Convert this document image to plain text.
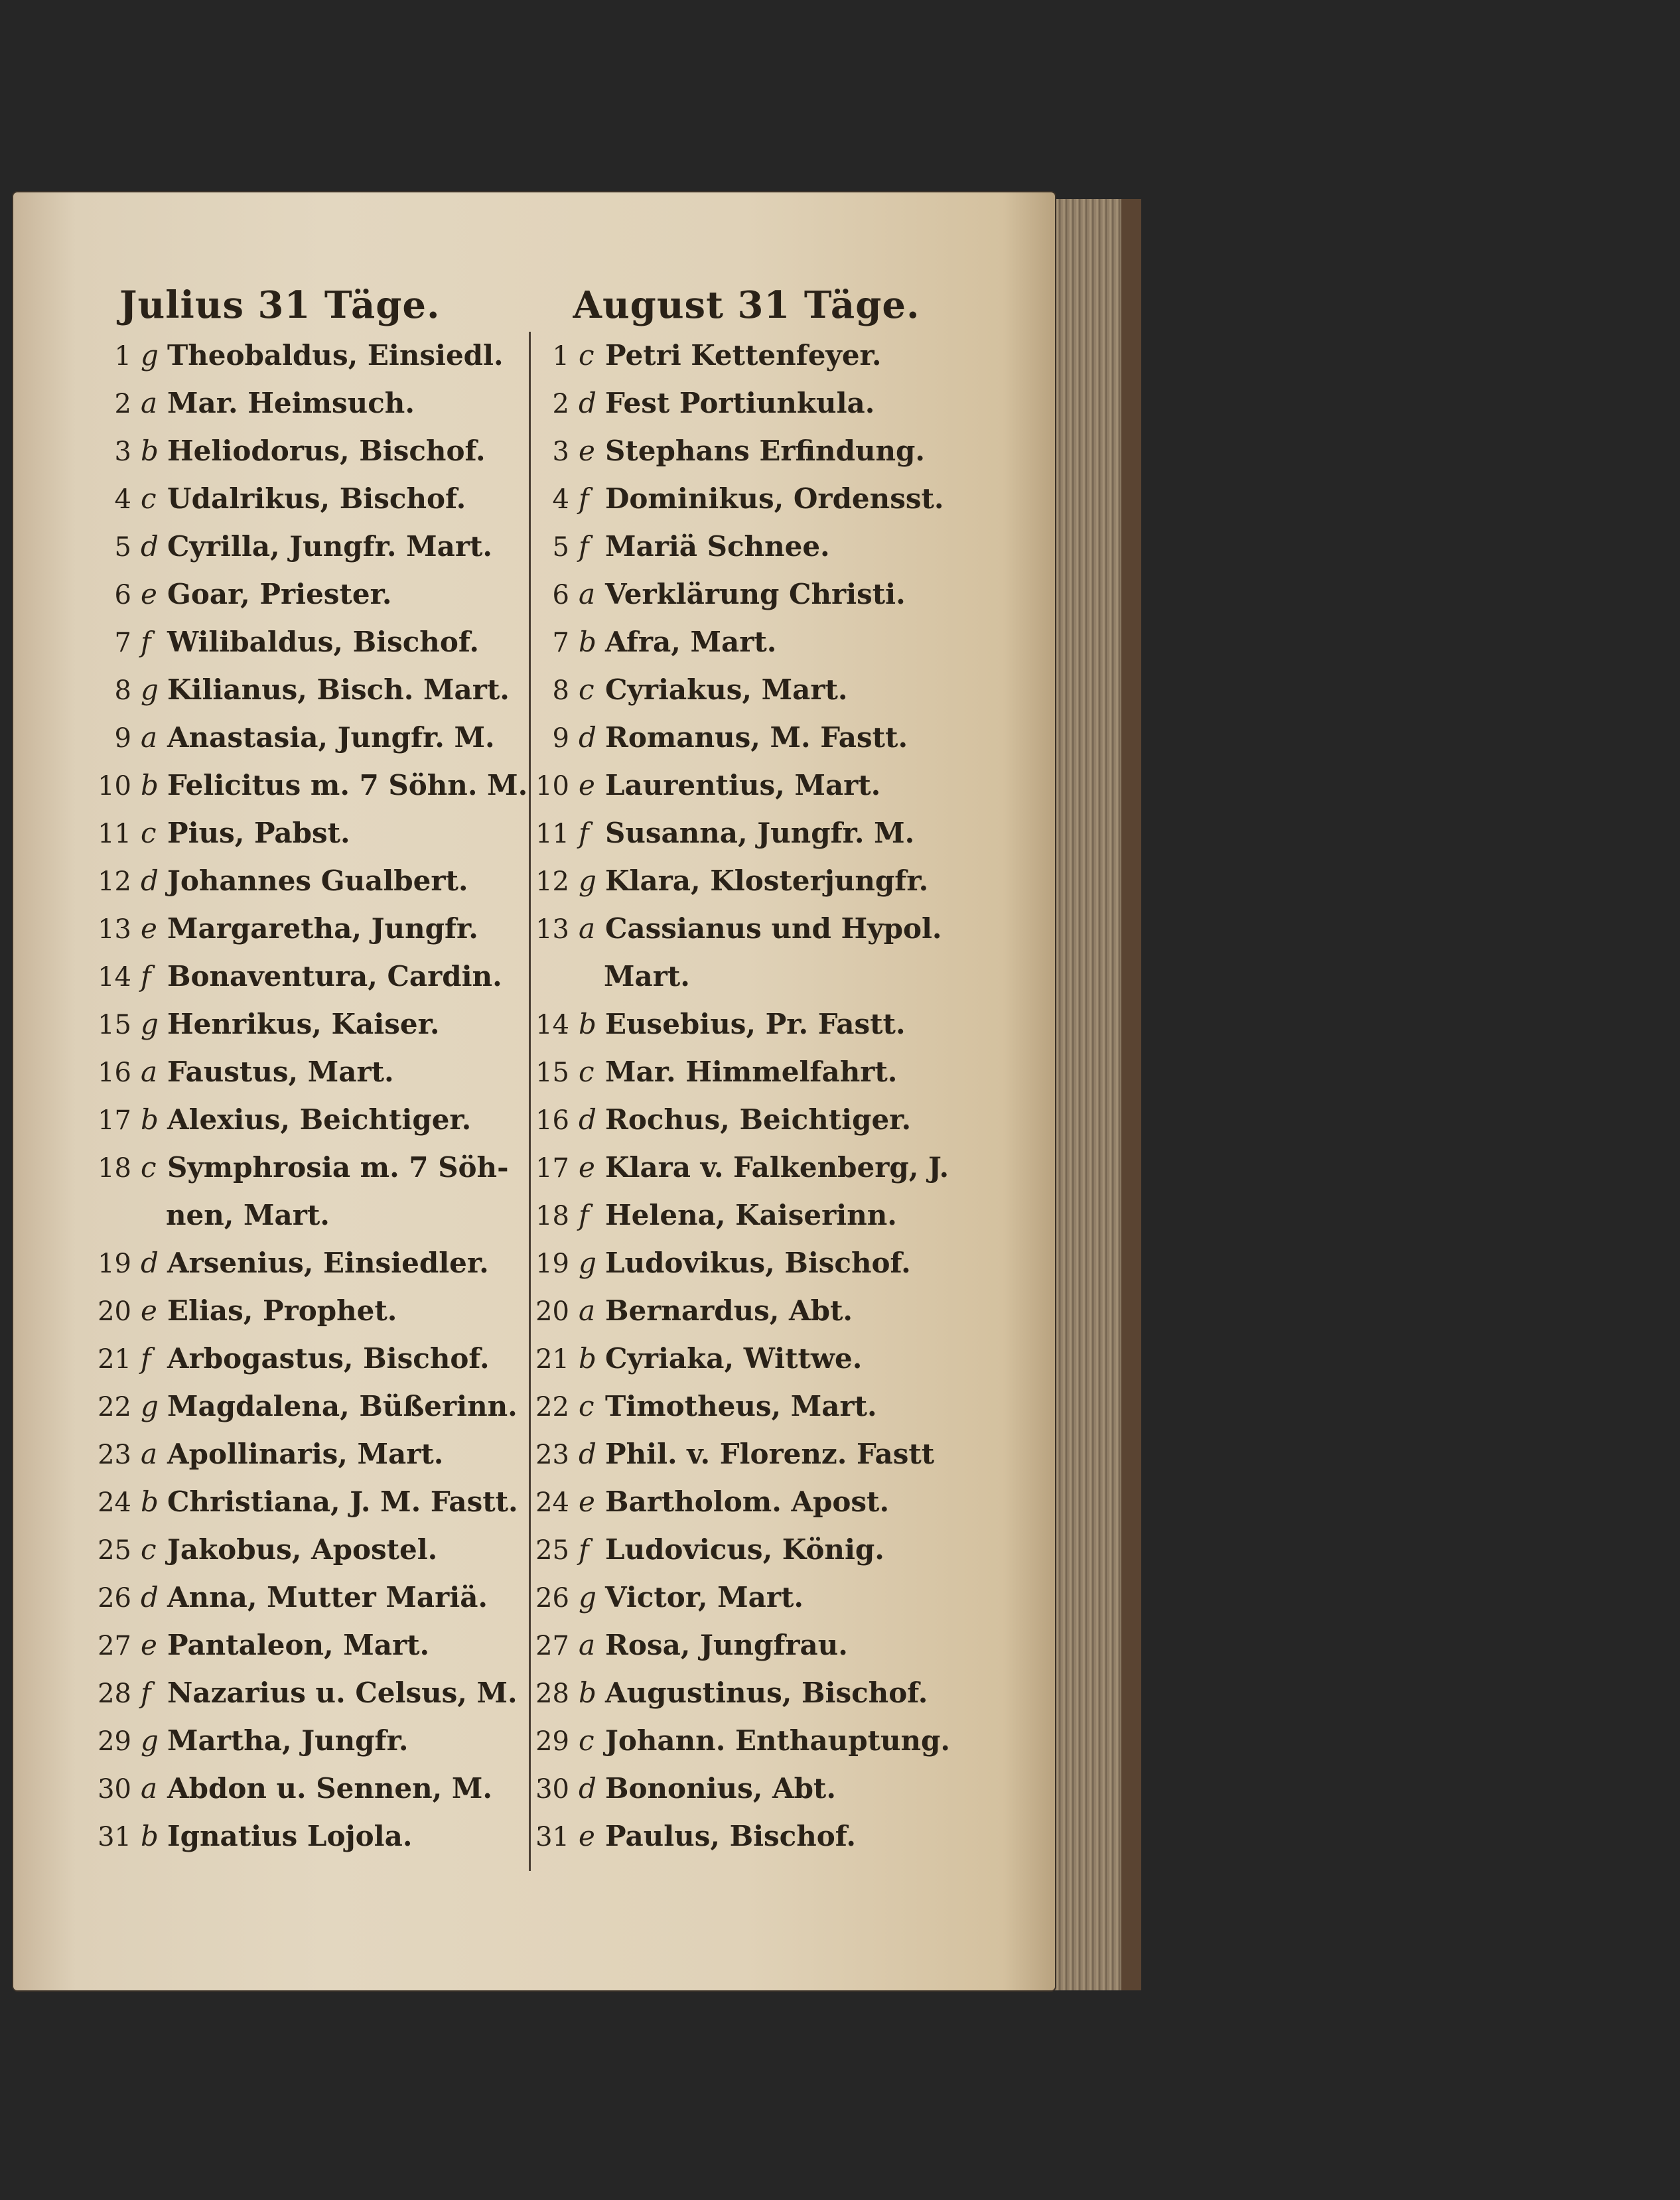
Julius 31 Täge.
1 g Theobaldus, Einsiedl.
2 a Mar. Heimsuch.
3 b Heliodorus, Bischof.
4 c Udalrikus, Bischof.
5 d Cyrilla, Jungfr. Mart.
6 e Goar, Priester.
7 f Wilibaldus, Bischof.
8 g Kilianus, Bisch. Mart.
9 a Anastasia, Jungfr. M.
10 b Felicitus m. 7 Söhn. M.
11 c Pius, Pabst.
12 d Johannes Gualbert.
13 e Margaretha, Jungfr.
14 f Bonaventura, Cardin.
15 g Henrikus, Kaiser.
16 a Faustus, Mart.
17 b Alexius, Beichtiger.
18 c Symphrosia m. 7 Söh-
nen, Mart.
19 d Arsenius, Einsiedler.
20 e Elias, Prophet.
21 f Arbogastus, Bischof.
22 g Magdalena, Büßerinn.
23 a Apollinaris, Mart.
24 b Christiana, J. M. Fastt.
25 c Jakobus, Apostel.
26 d Anna, Mutter Mariä.
27 e Pantaleon, Mart.
28 f Nazarius u. Celsus, M.
29 g Martha, Jungfr.
30 a Abdon u. Sennen, M.
31 b Ignatius Lojola.
August 31 Täge.
1 c Petri Kettenfeyer.
2 d Fest Portiunkula.
3 e Stephans Erfindung.
4 f Dominikus, Ordensst.
5 f Mariä Schnee.
6 a Verklärung Christi.
7 b Afra, Mart.
8 c Cyriakus, Mart.
9 d Romanus, M. Fastt.
10 e Laurentius, Mart.
11 f Susanna, Jungfr. M.
12 g Klara, Klosterjungfr.
13 a Cassianus und Hypol.
Mart.
14 b Eusebius, Pr. Fastt.
15 c Mar. Himmelfahrt.
16 d Rochus, Beichtiger.
17 e Klara v. Falkenberg, J.
18 f Helena, Kaiserinn.
19 g Ludovikus, Bischof.
20 a Bernardus, Abt.
21 b Cyriaka, Wittwe.
22 c Timotheus, Mart.
23 d Phil. v. Florenz. Fastt
24 e Bartholom. Apost.
25 f Ludovicus, König.
26 g Victor, Mart.
27 a Rosa, Jungfrau.
28 b Augustinus, Bischof.
29 c Johann. Enthauptung.
30 d Bononius, Abt.
31 e Paulus, Bischof.
